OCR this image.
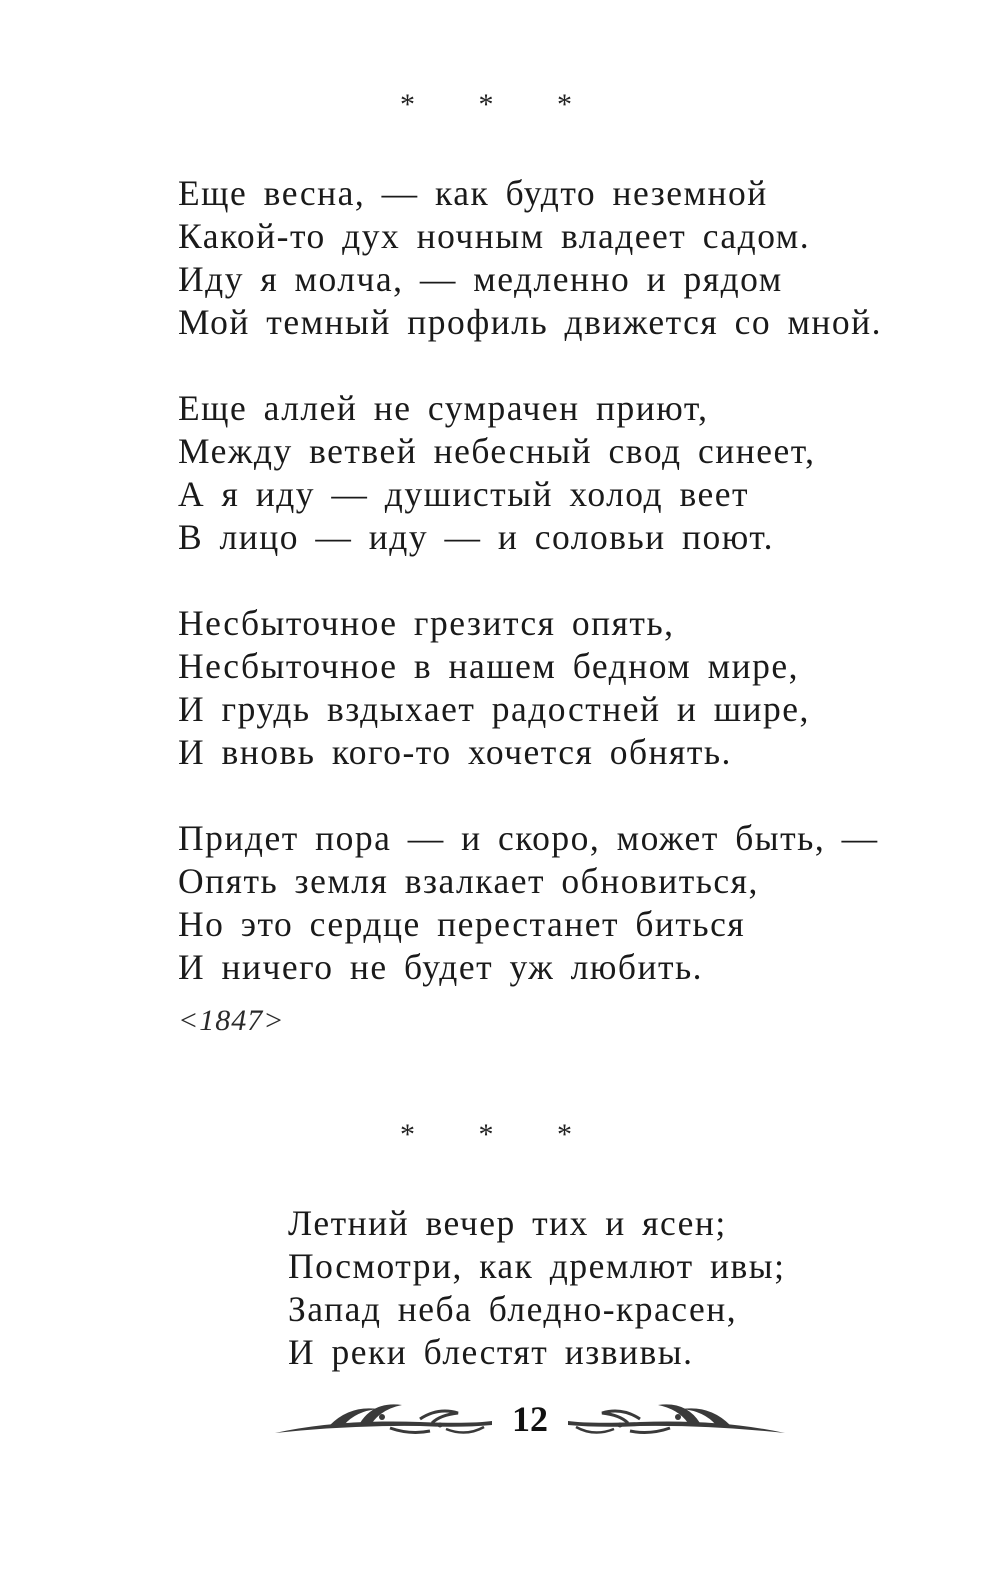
* * *
Еще весна, — как будто неземной
Какой-то дух ночным владеет садом.
Иду я молча, — медленно и рядом
Мой темный профиль движется со мной.
Еще аллей не сумрачен приют,
Между ветвей небесный свод синеет,
А я иду — душистый холод веет
В лицо — иду — и соловьи поют.
Несбыточное грезится опять,
Несбыточное в нашем бедном мире,
И грудь вздыхает радостней и шире,
И вновь кого-то хочется обнять.
Придет пора — и скоро, может быть, —
Опять земля взалкает обновиться,
Но это сердце перестанет биться
И ничего не будет уж любить.
<1847>
* * *
Летний вечер тих и ясен;
Посмотри, как дремлют ивы;
Запад неба бледно-красен,
И реки блестят извивы.
12
